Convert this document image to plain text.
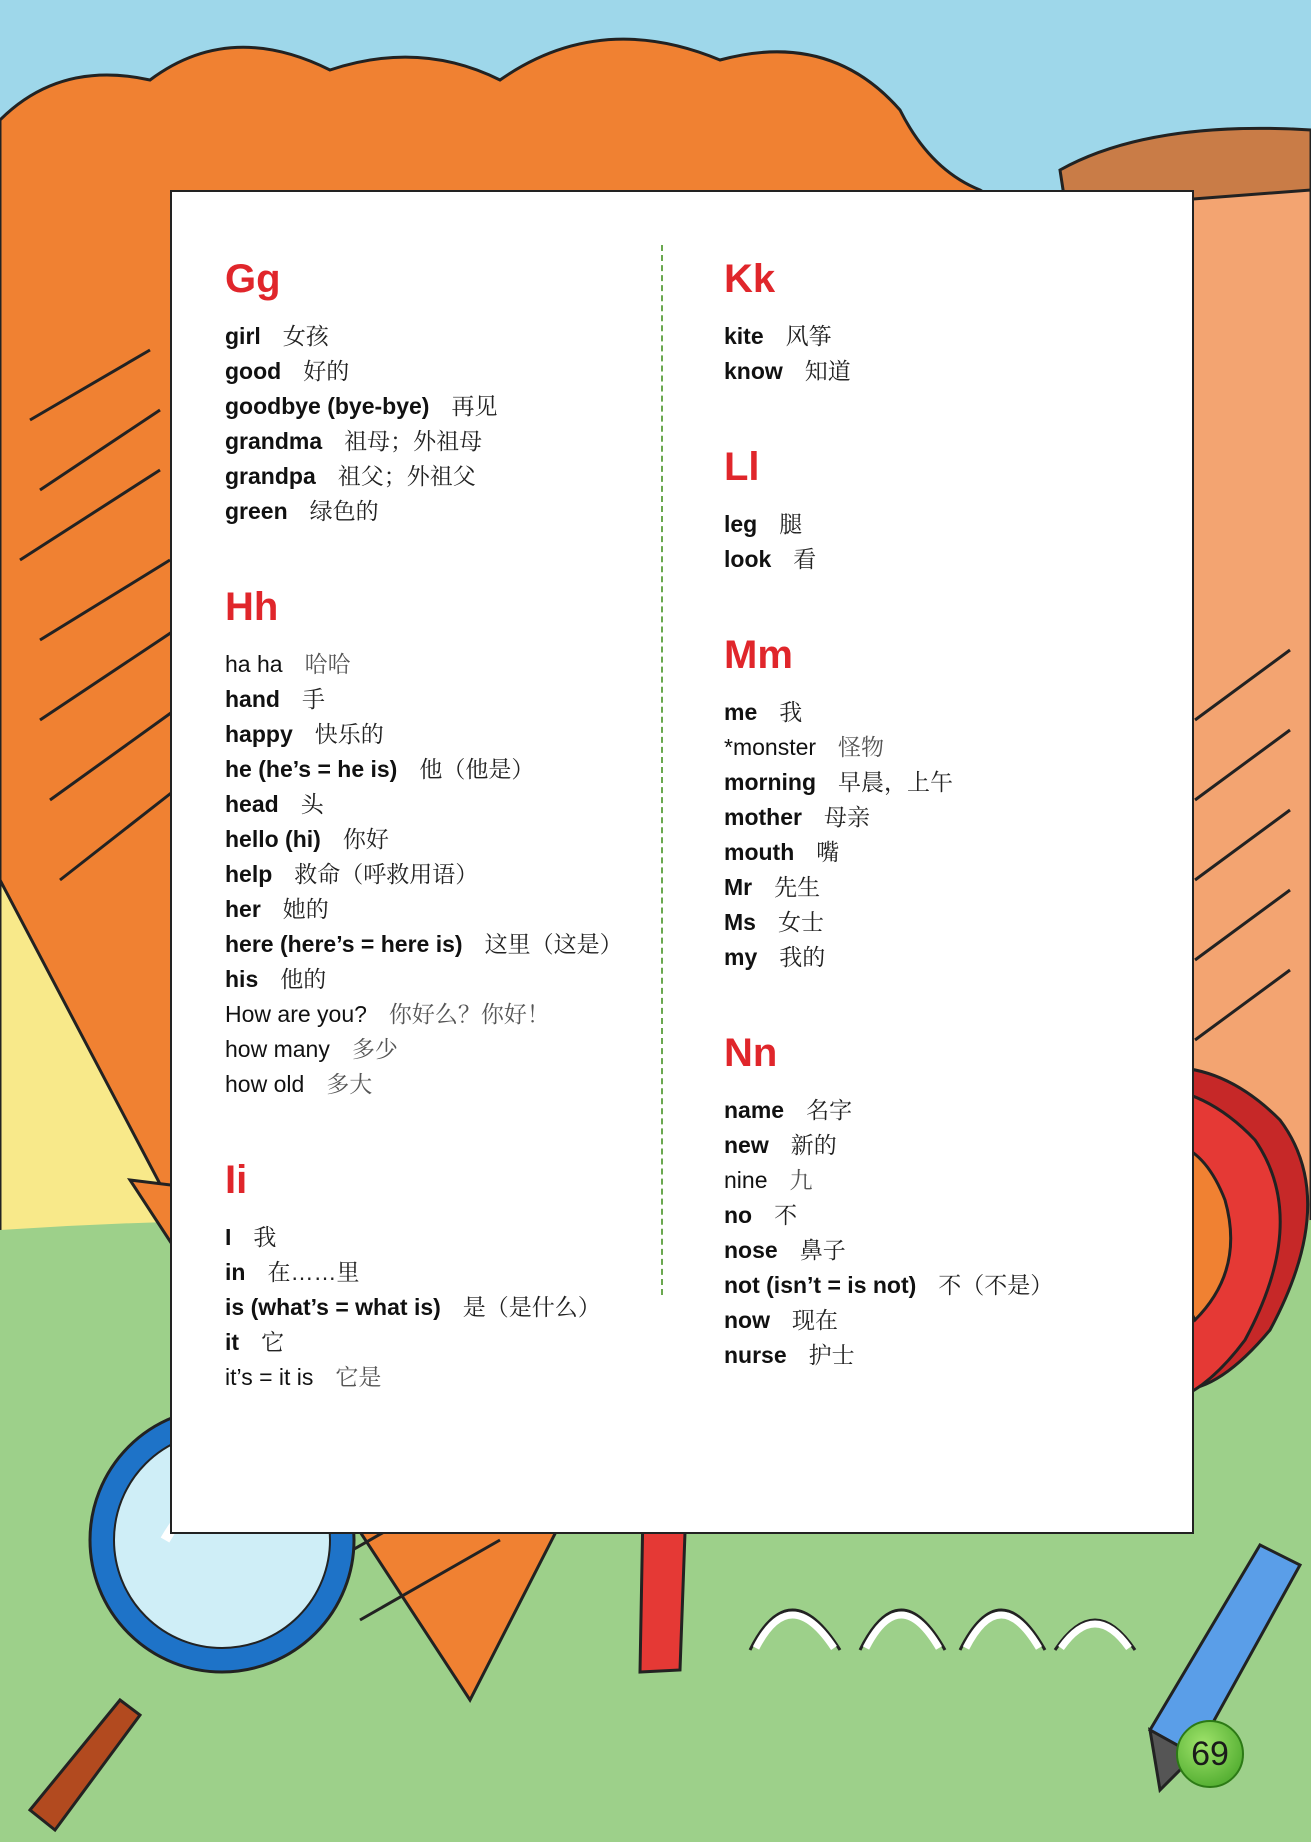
Gg
girl 女孩
good 好的
goodbye (bye-bye) 再见
grandma 祖母；外祖母
grandpa 祖父；外祖父
green 绿色的
Hh
ha ha 哈哈
hand 手
happy 快乐的
he (he’s = he is) 他（他是）
head 头
hello (hi) 你好
help 救命（呼救用语）
her 她的
here (here’s = here is) 这里（这是）
his 他的
How are you? 你好么？你好！
how many 多少
how old 多大
Ii
I 我
in 在……里
is (what’s = what is) 是（是什么）
it 它
it’s = it is 它是
Kk
kite 风筝
know 知道
Ll
leg 腿
look 看
Mm
me 我
*monster 怪物
morning 早晨，上午
mother 母亲
mouth 嘴
Mr 先生
Ms 女士
my 我的
Nn
name 名字
new 新的
nine 九
no 不
nose 鼻子
not (isn’t = is not) 不（不是）
now 现在
nurse 护士
69
